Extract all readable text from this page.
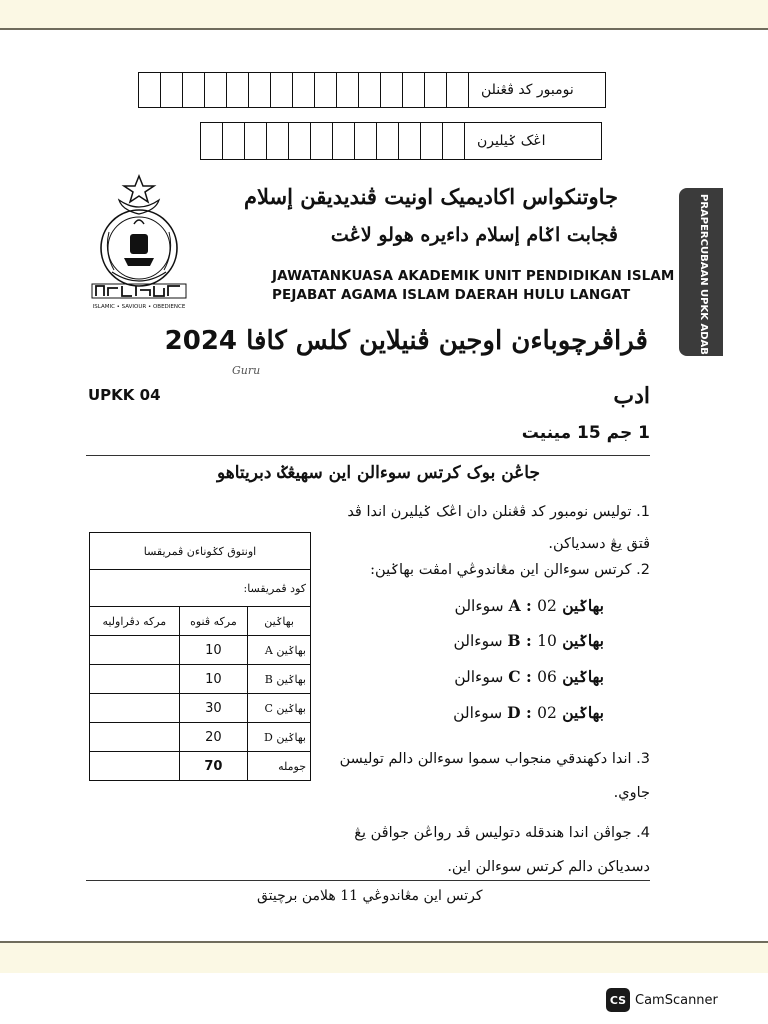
نومبور کد ڤڠنلن
اڠک ݢيليرن
ISLAMIC • SAVIOUR • OBEDIENCE
جاوتنکواس اکاديميک اونيت ڤنديديقن إسلام
ڤجابت اݢام إسلام داءيره هولو لاڠت
JAWATANKUASA AKADEMIK UNIT PENDIDIKAN ISLAM
PEJABAT AGAMA ISLAM DAERAH HULU LANGAT	PRAPERCUBAAN UPKK ADAB
ڤراڤرچوباءن اوجين ڤنيلاين کلس کافا 2024
Guru
UPKK 04	ادب
1 جم 15 مينيت
جاڠن بوک کرتس سوءالن اين سهيڠݢ دبريتاهو
1. توليس نومبور کد ڤڠنلن دان اڠک ݢيليرن اندا ڤد ڤتق يڠ دسدياکن.
2. کرتس سوءالن اين مڠاندوڠي امڤت بهاݢين:
بهاݢين A : 02 سوءالن
بهاݢين B : 10 سوءالن
بهاݢين C : 06 سوءالن
بهاݢين D : 02 سوءالن
3. اندا دکهندقي منجواب سموا سوءالن دالم توليسن جاوي.
4. جواڤن اندا هندقله دتوليس ڤد رواڠن جواڤن يڠ دسدياکن دالم کرتس سوءالن اين.
اونتوق کݢوناءن ڤمريقسا		
کود ڤمريقسا:		
مرکه دڤراوليه	مرکه ڤنوه	بهاݢين
	10	بهاݢين A
	10	بهاݢين B
	30	بهاݢين C
	20	بهاݢين D
	70	جومله
کرتس اين مڠاندوڠي 11 هلامن برچيتق
CS CamScanner
